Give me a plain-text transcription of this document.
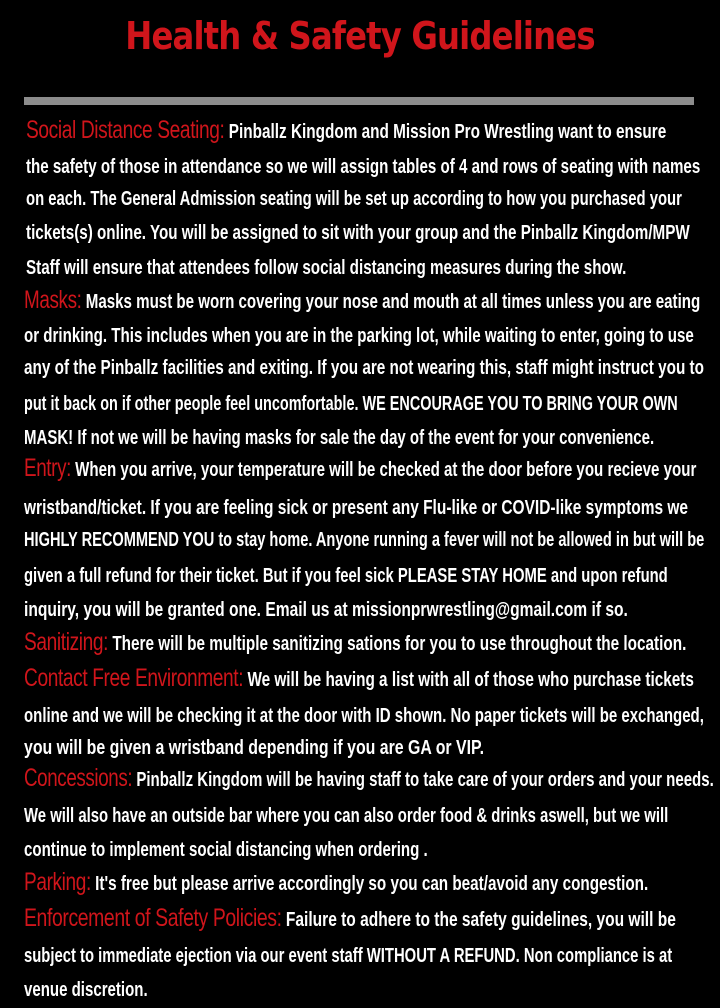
Health & Safety Guidelines
Social Distance Seating: Pinballz Kingdom and Mission Pro Wrestling want to ensure
the safety of those in attendance so we will assign tables of 4 and rows of seating with names
on each. The General Admission seating will be set up according to how you purchased your
tickets(s) online. You will be assigned to sit with your group and the Pinballz Kingdom/MPW
Staff will ensure that attendees follow social distancing measures during the show.
Masks: Masks must be worn covering your nose and mouth at all times unless you are eating
or drinking. This includes when you are in the parking lot, while waiting to enter, going to use
any of the Pinballz facilities and exiting. If you are not wearing this, staff might instruct you to
put it back on if other people feel uncomfortable. WE ENCOURAGE YOU TO BRING YOUR OWN
MASK! If not we will be having masks for sale the day of the event for your convenience.
Entry: When you arrive, your temperature will be checked at the door before you recieve your
wristband/ticket. If you are feeling sick or present any Flu-like or COVID-like symptoms we
HIGHLY RECOMMEND YOU to stay home. Anyone running a fever will not be allowed in but will be
given a full refund for their ticket. But if you feel sick PLEASE STAY HOME and upon refund
inquiry, you will be granted one. Email us at missionprwrestling@gmail.com if so.
Sanitizing: There will be multiple sanitizing sations for you to use throughout the location.
Contact Free Environment: We will be having a list with all of those who purchase tickets
online and we will be checking it at the door with ID shown. No paper tickets will be exchanged,
you will be given a wristband depending if you are GA or VIP.
Concessions: Pinballz Kingdom will be having staff to take care of your orders and your needs.
We will also have an outside bar where you can also order food & drinks aswell, but we will
continue to implement social distancing when ordering .
Parking: It's free but please arrive accordingly so you can beat/avoid any congestion.
Enforcement of Safety Policies: Failure to adhere to the safety guidelines, you will be
subject to immediate ejection via our event staff WITHOUT A REFUND. Non compliance is at
venue discretion.
